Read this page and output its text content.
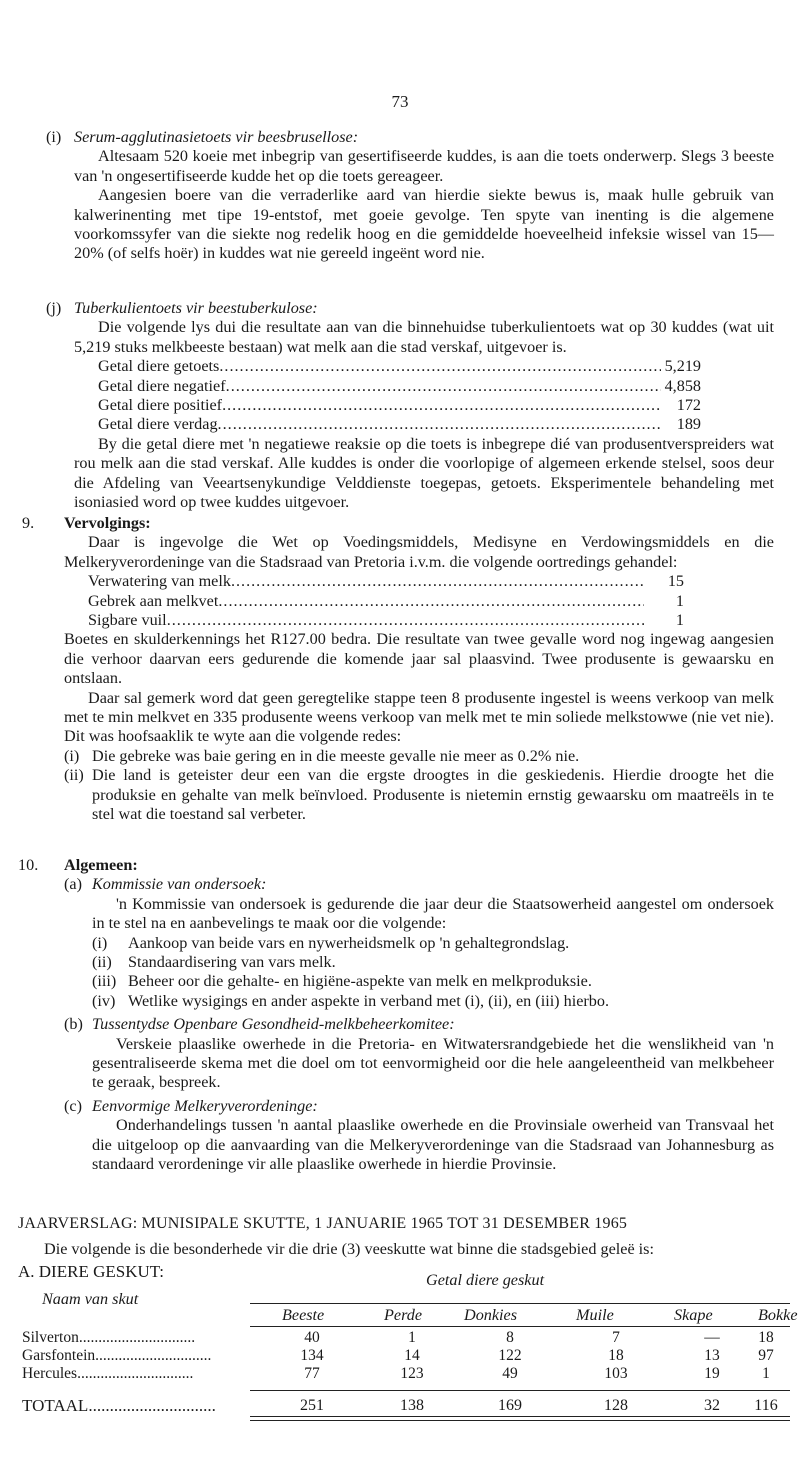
73
(i) Serum-agglutinasietoets vir beesbrusellose:

Altesaam 520 koeie met inbegrip van gesertifiseerde kuddes, is aan die toets onderwerp. Slegs 3 beeste van 'n ongesertifiseerde kudde het op die toets gereageer.

Aangesien boere van die verraderlike aard van hierdie siekte bewus is, maak hulle gebruik van kalwerinenting met tipe 19-entstof, met goeie gevolge. Ten spyte van inenting is die algemene voorkomssyfer van die siekte nog redelik hoog en die gemiddelde hoeveelheid infeksie wissel van 15—20% (of selfs hoër) in kuddes wat nie gereeld ingeënt word nie.

(j) Tuberkulientoets vir beestuberkulose:

Die volgende lys dui die resultate aan van die binnehuidse tuberkulientoets wat op 30 kuddes (wat uit 5,219 stuks melkbeeste bestaan) wat melk aan die stad verskaf, uitgevoer is.

Getal diere getoets .....	5,219
Getal diere negatief .....	4,858
Getal diere positief .....	172
Getal diere verdag .....	189

By die getal diere met 'n negatiewe reaksie op die toets is inbegrepe dié van produsentverspreiders wat rou melk aan die stad verskaf. Alle kuddes is onder die voorlopige of algemeen erkende stelsel, soos deur die Afdeling van Veeartsenykundige Velddienste toegepas, getoets. Eksperimentele behandeling met isoniasied word op twee kuddes uitgevoer.

9.	Vervolgings:

Daar is ingevolge die Wet op Voedingsmiddels, Medisyne en Verdowingsmiddels en die Melkeryverordeninge van die Stadsraad van Pretoria i.v.m. die volgende oortredings gehandel:

Verwatering van melk .....	15
Gebrek aan melkvet .....	1
Sigbare vuil .....	1

Boetes en skulderkennings het R127.00 bedra. Die resultate van twee gevalle word nog ingewag aangesien die verhoor daarvan eers gedurende die komende jaar sal plaasvind. Twee produsente is gewaarsku en ontslaan.

Daar sal gemerk word dat geen geregtelike stappe teen 8 produsente ingestel is weens verkoop van melk met te min melkvet en 335 produsente weens verkoop van melk met te min soliede melkstowwe (nie vet nie). Dit was hoofsaaklik te wyte aan die volgende redes:

(i) Die gebreke was baie gering en in die meeste gevalle nie meer as 0.2% nie.
(ii) Die land is geteister deur een van die ergste droogtes in die geskiedenis. Hierdie droogte het die produksie en gehalte van melk beïnvloed. Produsente is nietemin ernstig gewaarsku om maatreëls in te stel wat die toestand sal verbeter.
10.	Algemeen:
(a) Kommissie van ondersoek:

'n Kommissie van ondersoek is gedurende die jaar deur die Staatsowerheid aangestel om ondersoek in te stel na en aanbevelings te maak oor die volgende:

(i)	Aankoop van beide vars en nywerheidsmelk op 'n gehaltegrondslag.
(ii)	Standaardisering van vars melk.
(iii) Beheer oor die gehalte- en higiëne-aspekte van melk en melkproduksie.
(iv) Wetlike wysigings en ander aspekte in verband met (i), (ii), en (iii) hierbo.
(b) Tussentydse Openbare Gesondheid-melkbeheerkomitee:

Verskeie plaaslike owerhede in die Pretoria- en Witwatersrandgebiede het die wenslikheid van 'n gesentraliseerde skema met die doel om tot eenvormigheid oor die hele aangeleentheid van melkbeheer te geraak, bespreek.

(c) Eenvormige Melkeryverordeninge:

Onderhandelings tussen 'n aantal plaaslike owerhede en die Provinsiale owerheid van Transvaal het die uitgeloop op die aanvaarding van die Melkeryverordeninge van die Stadsraad van Johannesburg as standaard verordeninge vir alle plaaslike owerhede in hierdie Provinsie.

JAARVERSLAG: MUNISIPALE SKUTTE, 1 JANUARIE 1965 TOT 31 DESEMBER 1965
Die volgende is die besonderhede vir die drie (3) veeskutte wat binne die stadsgebied geleë is:
A. DIERE GESKUT:	Getal diere geskut
Naam van skut
Beeste	Perde	Donkies	Muile	Skape	Bokke
Silverton..............................	40	1	8	7	—	18
Garsfontein..............................	134	14	122	18	13	97
Hercules..............................	77	123	49	103	19	1
TOTAAL..............................	251	138	169	128	32	116
